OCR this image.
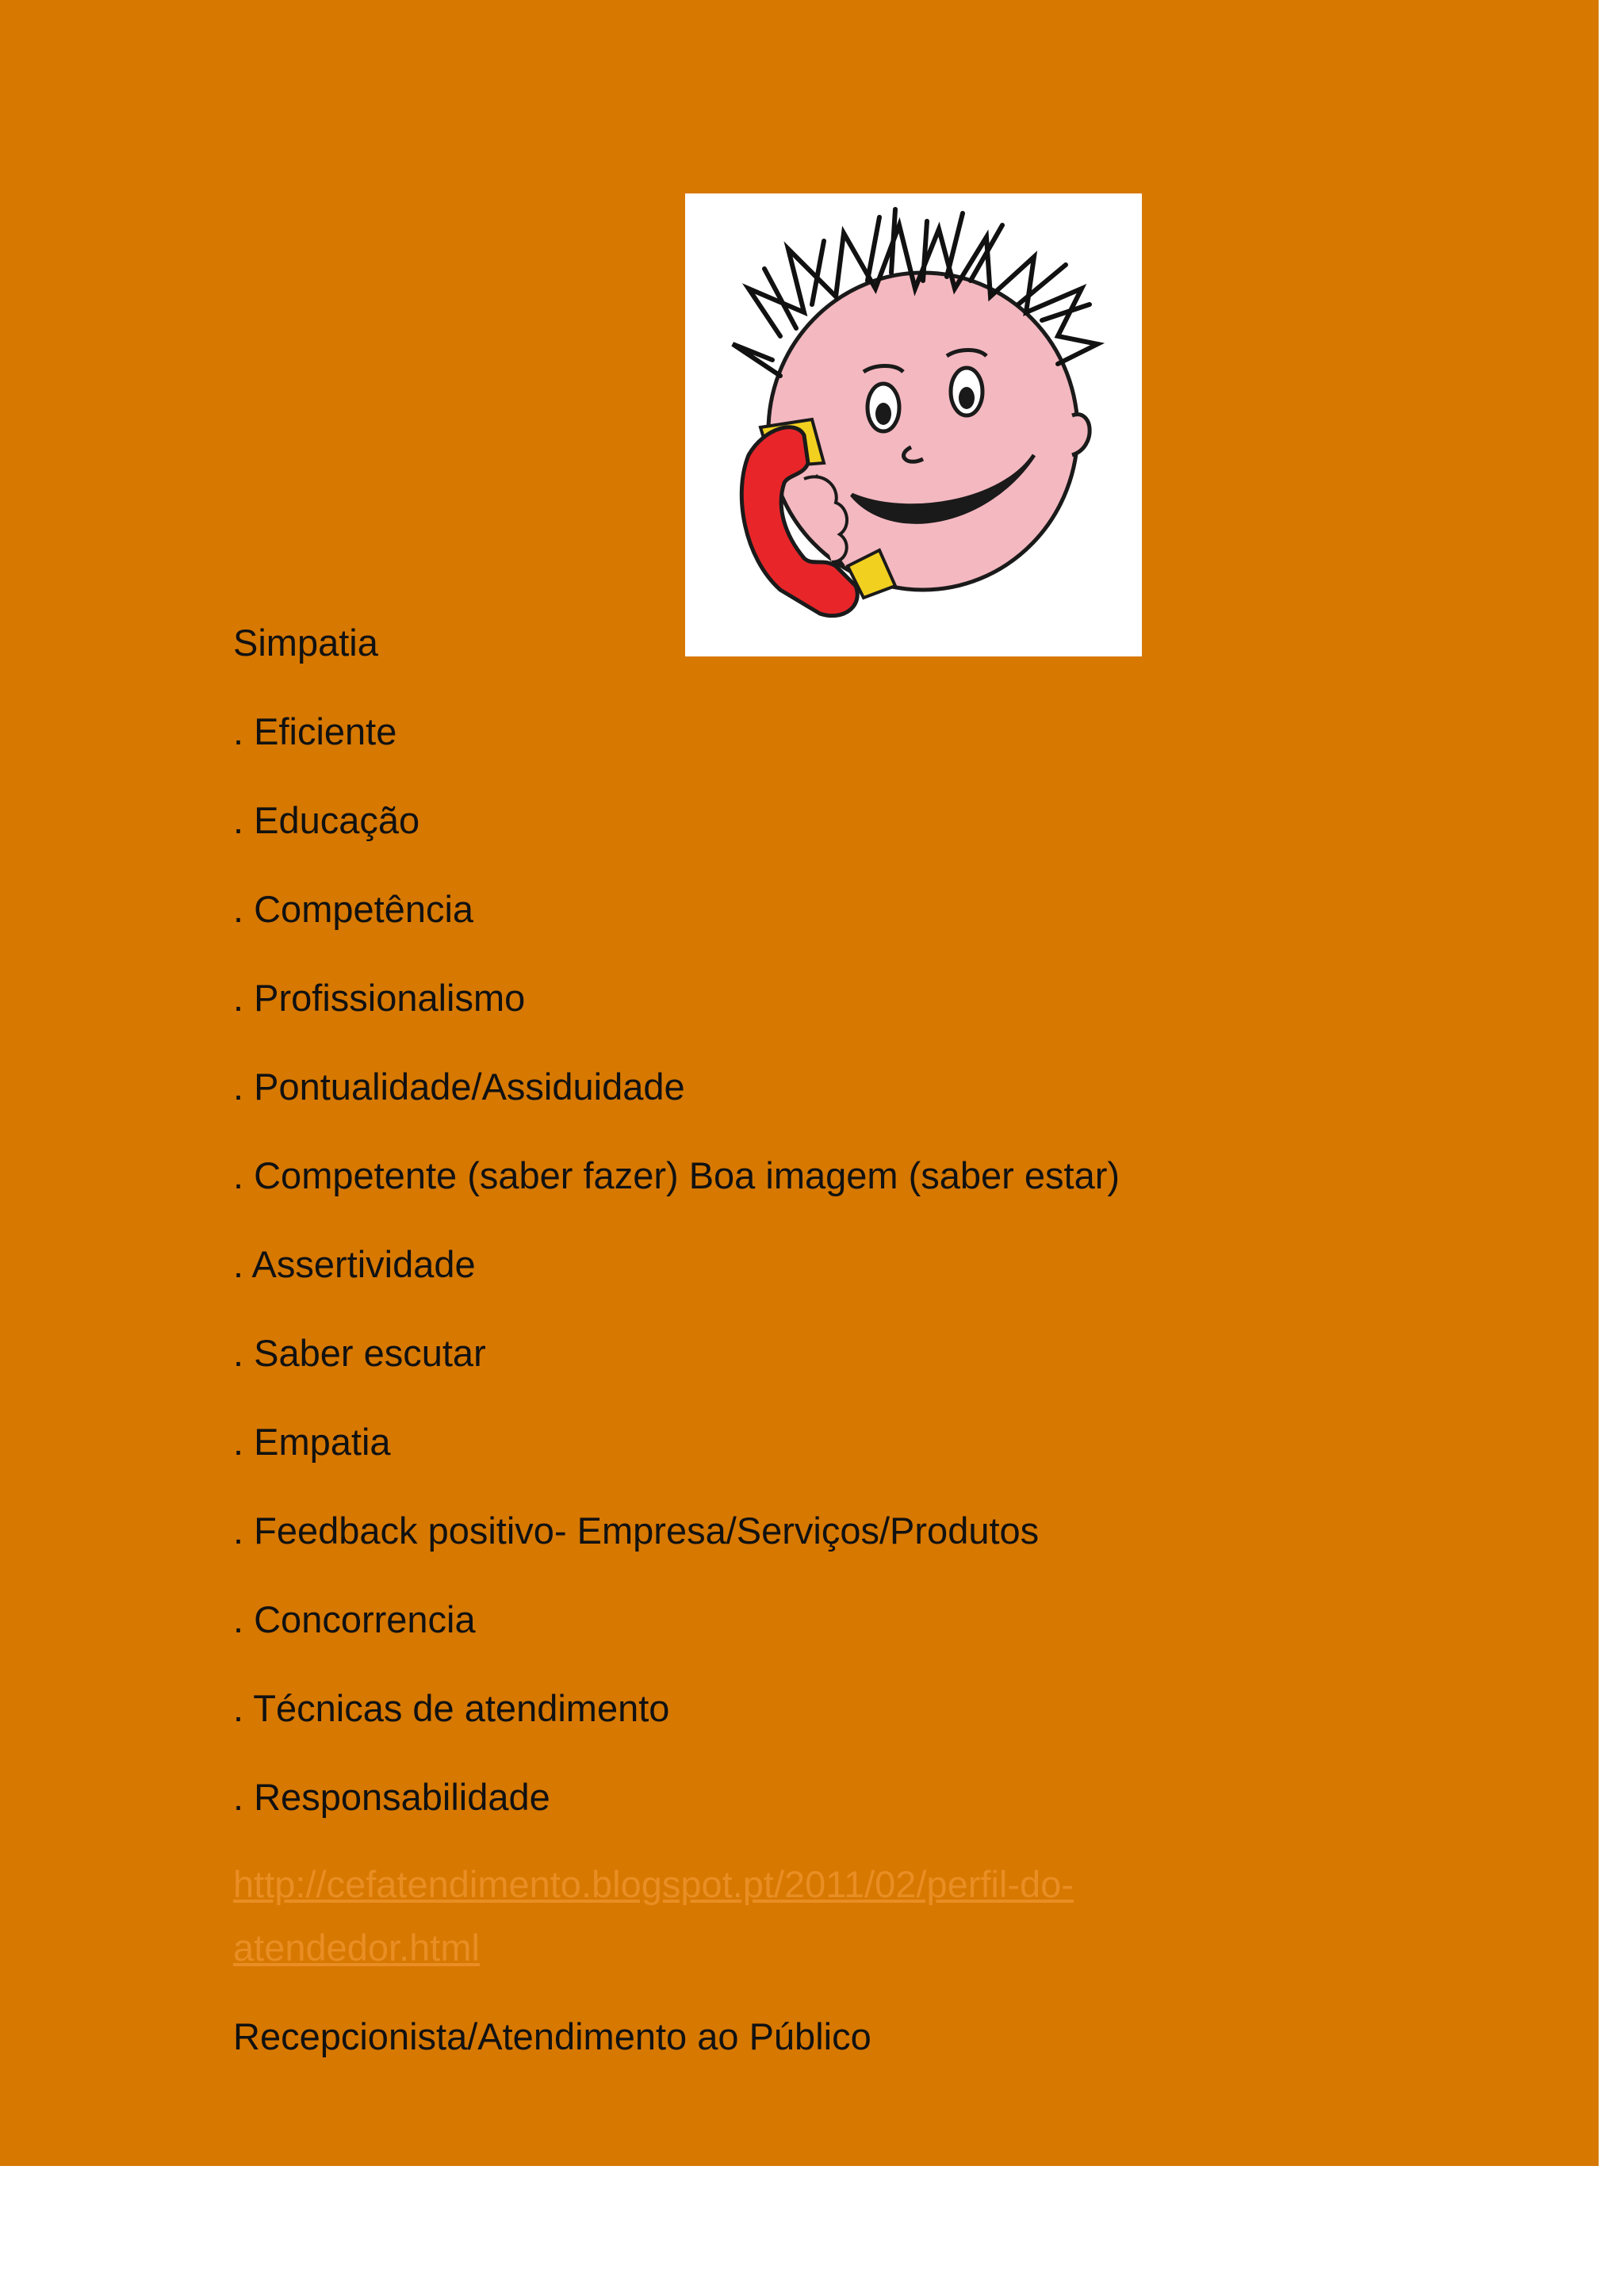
Simpatia
. Eficiente
. Educação
. Competência
. Profissionalismo
. Pontualidade/Assiduidade
. Competente (saber fazer) Boa imagem (saber estar)
. Assertividade
. Saber escutar
. Empatia
. Feedback positivo- Empresa/Serviços/Produtos
. Concorrencia
. Técnicas de atendimento
. Responsabilidade
http://cefatendimento.blogspot.pt/2011/02/perfil-do-
atendedor.html
Recepcionista/Atendimento ao Público
